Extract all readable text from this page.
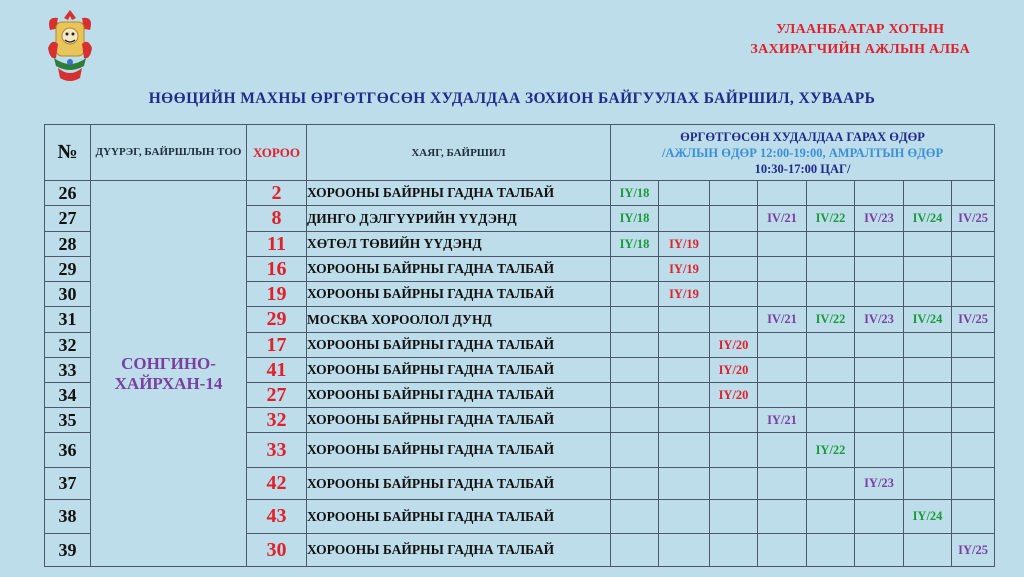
УЛААНБААТАР ХОТЫН
ЗАХИРАГЧИЙН АЖЛЫН АЛБА
НӨӨЦИЙН МАХНЫ ӨРГӨТГӨСӨН ХУДАЛДАА ЗОХИОН БАЙГУУЛАХ БАЙРШИЛ, ХУВААРЬ
№	ДҮҮРЭГ, БАЙРШЛЫН ТОО	ХОРОО	ХАЯГ, БАЙРШИЛ	ӨРГӨТГӨСӨН ХУДАЛДАА ГАРАХ ӨДӨР
/АЖЛЫН ӨДӨР 12:00-19:00, АМРАЛТЫН ӨДӨР
10:30-17:00 ЦАГ/							

26	СОНГИНО-ХАЙРХАН-14	2	ХОРООНЫ БАЙРНЫ ГАДНА ТАЛБАЙ	IY/18							
27		8	ДИНГО ДЭЛГҮҮРИЙН ҮҮДЭНД	IY/18			IV/21	IV/22	IV/23	IV/24	IV/25
28		11	ХӨТӨЛ ТӨВИЙН ҮҮДЭНД	IY/18	IY/19						
29		16	ХОРООНЫ БАЙРНЫ ГАДНА ТАЛБАЙ		IY/19						
30		19	ХОРООНЫ БАЙРНЫ ГАДНА ТАЛБАЙ		IY/19						
31		29	МОСКВА ХОРООЛОЛ ДУНД				IV/21	IV/22	IV/23	IV/24	IV/25
32		17	ХОРООНЫ БАЙРНЫ ГАДНА ТАЛБАЙ			IY/20					
33		41	ХОРООНЫ БАЙРНЫ ГАДНА ТАЛБАЙ			IY/20					
34		27	ХОРООНЫ БАЙРНЫ ГАДНА ТАЛБАЙ			IY/20					
35		32	ХОРООНЫ БАЙРНЫ ГАДНА ТАЛБАЙ				IY/21				
36		33	ХОРООНЫ БАЙРНЫ ГАДНА ТАЛБАЙ					IY/22			
37		42	ХОРООНЫ БАЙРНЫ ГАДНА ТАЛБАЙ						IY/23		
38		43	ХОРООНЫ БАЙРНЫ ГАДНА ТАЛБАЙ							IY/24	
39		30	ХОРООНЫ БАЙРНЫ ГАДНА ТАЛБАЙ								IY/25
